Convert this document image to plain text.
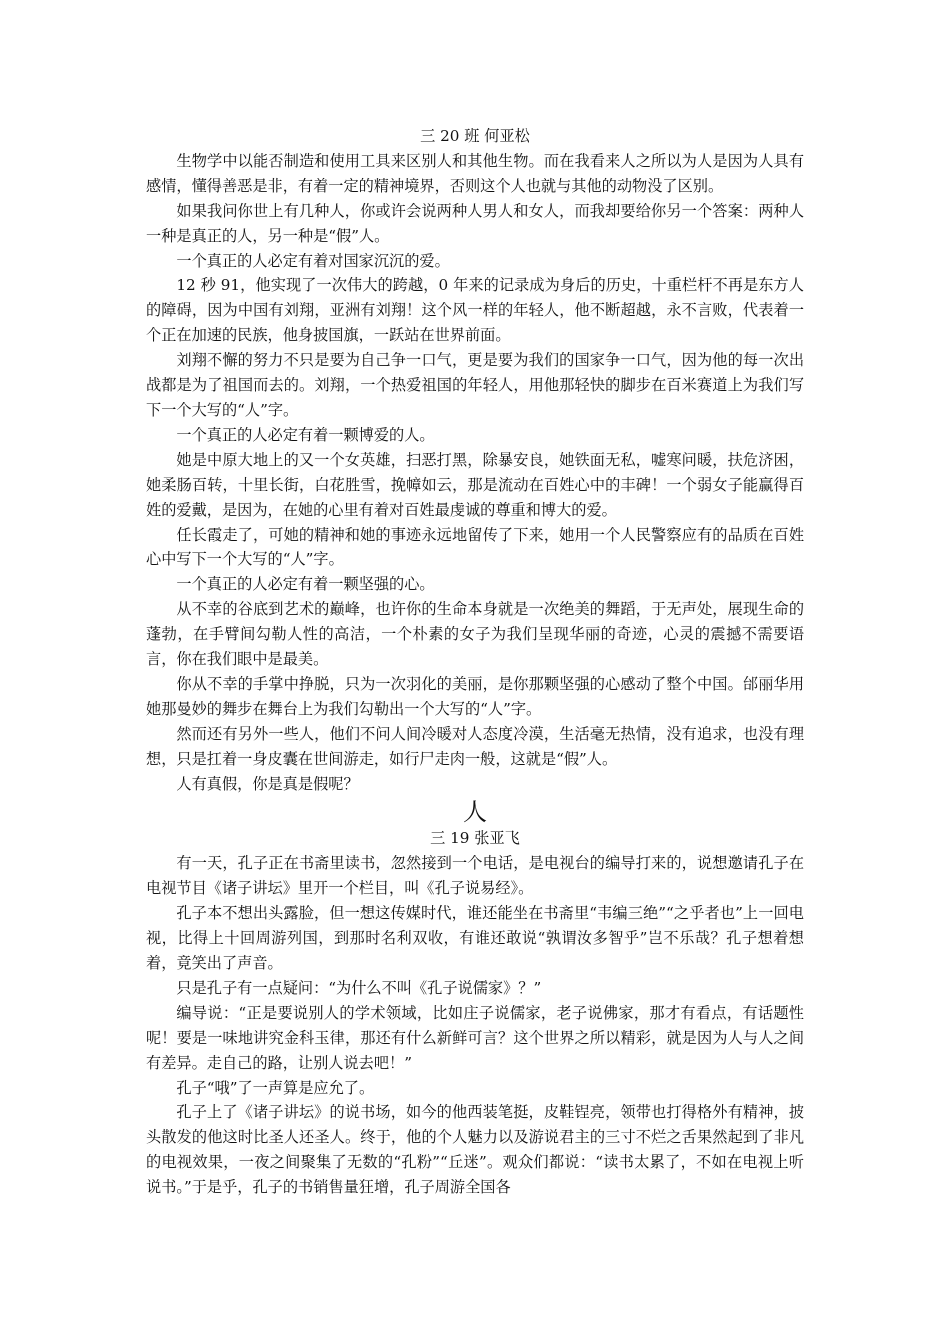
三 20 班 何亚松

生物学中以能否制造和使用工具来区别人和其他生物。而在我看来人之所以为人是因为人具有感情，懂得善恶是非，有着一定的精神境界，否则这个人也就与其他的动物没了区别。

如果我问你世上有几种人，你或许会说两种人男人和女人，而我却要给你另一个答案：两种人一种是真正的人，另一种是“假”人。

一个真正的人必定有着对国家沉沉的爱。

12 秒 91，他实现了一次伟大的跨越，0 年来的记录成为身后的历史，十重栏杆不再是东方人的障碍，因为中国有刘翔，亚洲有刘翔！这个风一样的年轻人，他不断超越，永不言败，代表着一个正在加速的民族，他身披国旗，一跃站在世界前面。

刘翔不懈的努力不只是要为自己争一口气，更是要为我们的国家争一口气，因为他的每一次出战都是为了祖国而去的。刘翔，一个热爱祖国的年轻人，用他那轻快的脚步在百米赛道上为我们写下一个大写的“人”字。

一个真正的人必定有着一颗博爱的人。

她是中原大地上的又一个女英雄，扫恶打黑，除暴安良，她铁面无私，嘘寒问暖，扶危济困，她柔肠百转，十里长街，白花胜雪，挽幛如云，那是流动在百姓心中的丰碑！一个弱女子能赢得百姓的爱戴，是因为，在她的心里有着对百姓最虔诚的尊重和博大的爱。

任长霞走了，可她的精神和她的事迹永远地留传了下来，她用一个人民警察应有的品质在百姓心中写下一个大写的“人”字。

一个真正的人必定有着一颗坚强的心。

从不幸的谷底到艺术的巅峰，也许你的生命本身就是一次绝美的舞蹈，于无声处，展现生命的蓬勃，在手臂间勾勒人性的高洁，一个朴素的女子为我们呈现华丽的奇迹，心灵的震撼不需要语言，你在我们眼中是最美。

你从不幸的手掌中挣脱，只为一次羽化的美丽，是你那颗坚强的心感动了整个中国。邰丽华用她那曼妙的舞步在舞台上为我们勾勒出一个大写的“人”字。

然而还有另外一些人，他们不问人间冷暖对人态度冷漠，生活毫无热情，没有追求，也没有理想，只是扛着一身皮囊在世间游走，如行尸走肉一般，这就是“假”人。

人有真假，你是真是假呢？

人
三 19 张亚飞

有一天，孔子正在书斋里读书，忽然接到一个电话，是电视台的编导打来的，说想邀请孔子在电视节目《诸子讲坛》里开一个栏目，叫《孔子说易经》。

孔子本不想出头露脸，但一想这传媒时代，谁还能坐在书斋里“韦编三绝”“之乎者也”上一回电视，比得上十回周游列国，到那时名利双收，有谁还敢说“孰谓汝多智乎”岂不乐哉？孔子想着想着，竟笑出了声音。

只是孔子有一点疑问：“为什么不叫《孔子说儒家》？”

编导说：“正是要说别人的学术领域，比如庄子说儒家，老子说佛家，那才有看点，有话题性呢！要是一味地讲究金科玉律，那还有什么新鲜可言？这个世界之所以精彩，就是因为人与人之间有差异。走自己的路，让别人说去吧！”

孔子“哦”了一声算是应允了。

孔子上了《诸子讲坛》的说书场，如今的他西装笔挺，皮鞋锃亮，领带也打得格外有精神，披头散发的他这时比圣人还圣人。终于，他的个人魅力以及游说君主的三寸不烂之舌果然起到了非凡的电视效果，一夜之间聚集了无数的“孔粉”“丘迷”。观众们都说：“读书太累了，不如在电视上听说书。”于是乎，孔子的书销售量狂增，孔子周游全国各
